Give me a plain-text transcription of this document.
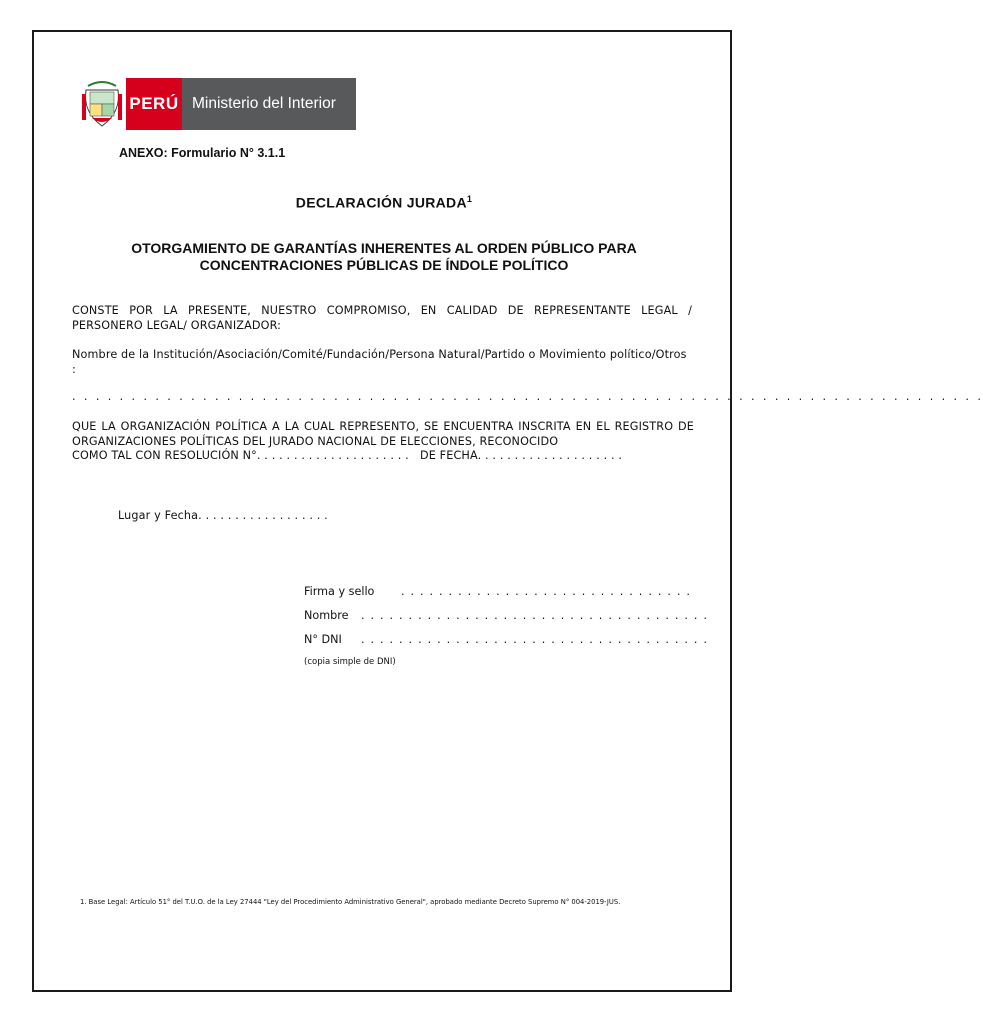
PERÚ Ministerio del Interior
ANEXO: Formulario N° 3.1.1
DECLARACIÓN JURADA$^1$
OTORGAMIENTO DE GARANTÍAS INHERENTES AL ORDEN PÚBLICO PARA
CONCENTRACIONES PÚBLICAS DE ÍNDOLE POLÍTICO
CONSTE POR LA PRESENTE, NUESTRO COMPROMISO, EN CALIDAD DE REPRESENTANTE LEGAL / PERSONERO LEGAL/ ORGANIZADOR:
Nombre de la Institución/Asociación/Comité/Fundación/Persona Natural/Partido o Movimiento político/Otros :
. . . . . . . . . . . . . . . . . . . . . . . . . . . . . . . . . . . . . . . . . . . . . . . . . . . . . . . . . . . . . . . . . . . . . . . . . . . . .
QUE LA ORGANIZACIÓN POLÍTICA A LA CUAL REPRESENTO, SE ENCUENTRA INSCRITA EN EL REGISTRO DE ORGANIZACIONES POLÍTICAS DEL JURADO NACIONAL DE ELECCIONES, RECONOCIDO
COMO TAL CON RESOLUCIÓN N°. . . . . . . . . . . . . . . . . . . . .   DE FECHA. . . . . . . . . . . . . . . . . . . .
Lugar y Fecha. . . . . . . . . . . . . . . . . .
Firma y sello . . . . . . . . . . . . . . . . . . . . . . . . . . . . . . .
Nombre . . . . . . . . . . . . . . . . . . . . . . . . . . . . . . . . . . . . .
N° DNI . . . . . . . . . . . . . . . . . . . . . . . . . . . . . . . . . . . . .
(copia simple de DNI)
1. Base Legal: Artículo 51° del T.U.O. de la Ley 27444 "Ley del Procedimiento Administrativo General", aprobado mediante Decreto Supremo N° 004-2019-JUS.
